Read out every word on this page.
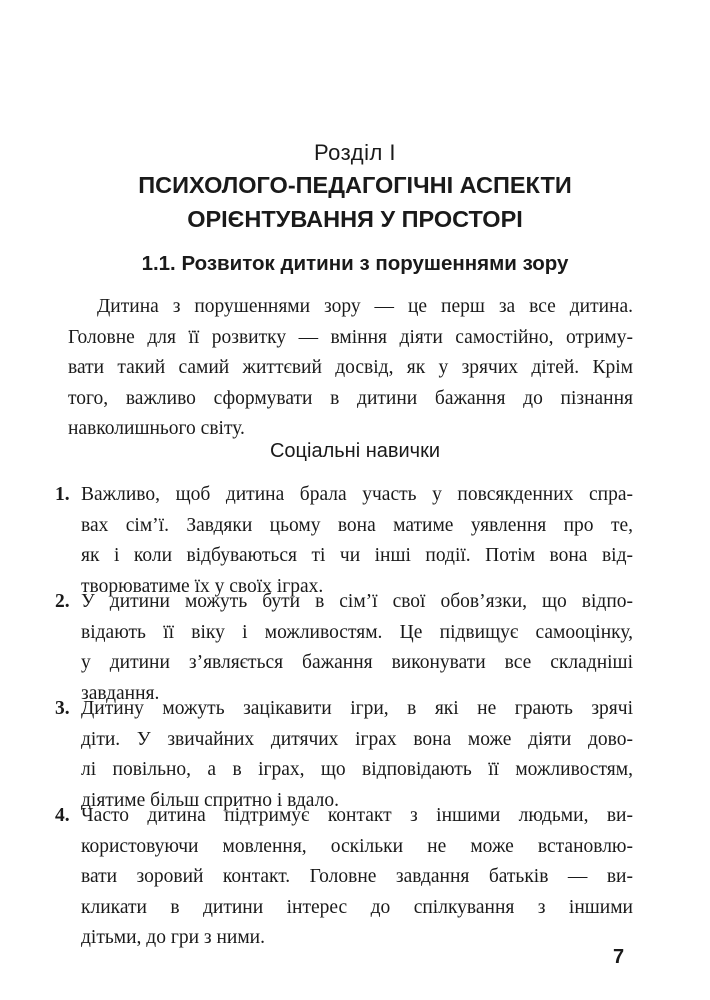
Розділ І
ПСИХОЛОГО-ПЕДАГОГІЧНІ АСПЕКТИ
ОРІЄНТУВАННЯ У ПРОСТОРІ
1.1. Розвиток дитини з порушеннями зору

Дитина з порушеннями зору — це перш за все дитина.
Головне для її розвитку — вміння діяти самостійно, отриму-
вати такий самий життєвий досвід, як у зрячих дітей. Крім
того, важливо сформувати в дитини бажання до пізнання
навколишнього світу.

Соціальні навички
1. Важливо, щоб дитина брала участь у повсякденних спра-
вах сім’ї. Завдяки цьому вона матиме уявлення про те,
як і коли відбуваються ті чи інші події. Потім вона від-
творюватиме їх у своїх іграх.
2. У дитини можуть бути в сім’ї свої обов’язки, що відпо-
відають її віку і можливостям. Це підвищує самооцінку,
у дитини з’являється бажання виконувати все складніші
завдання.
3. Дитину можуть зацікавити ігри, в які не грають зрячі
діти. У звичайних дитячих іграх вона може діяти дово-
лі повільно, а в іграх, що відповідають її можливостям,
діятиме більш спритно і вдало.
4. Часто дитина підтримує контакт з іншими людьми, ви-
користовуючи мовлення, оскільки не може встановлю-
вати зоровий контакт. Головне завдання батьків — ви-
кликати в дитини інтерес до спілкування з іншими
дітьми, до гри з ними.
7
